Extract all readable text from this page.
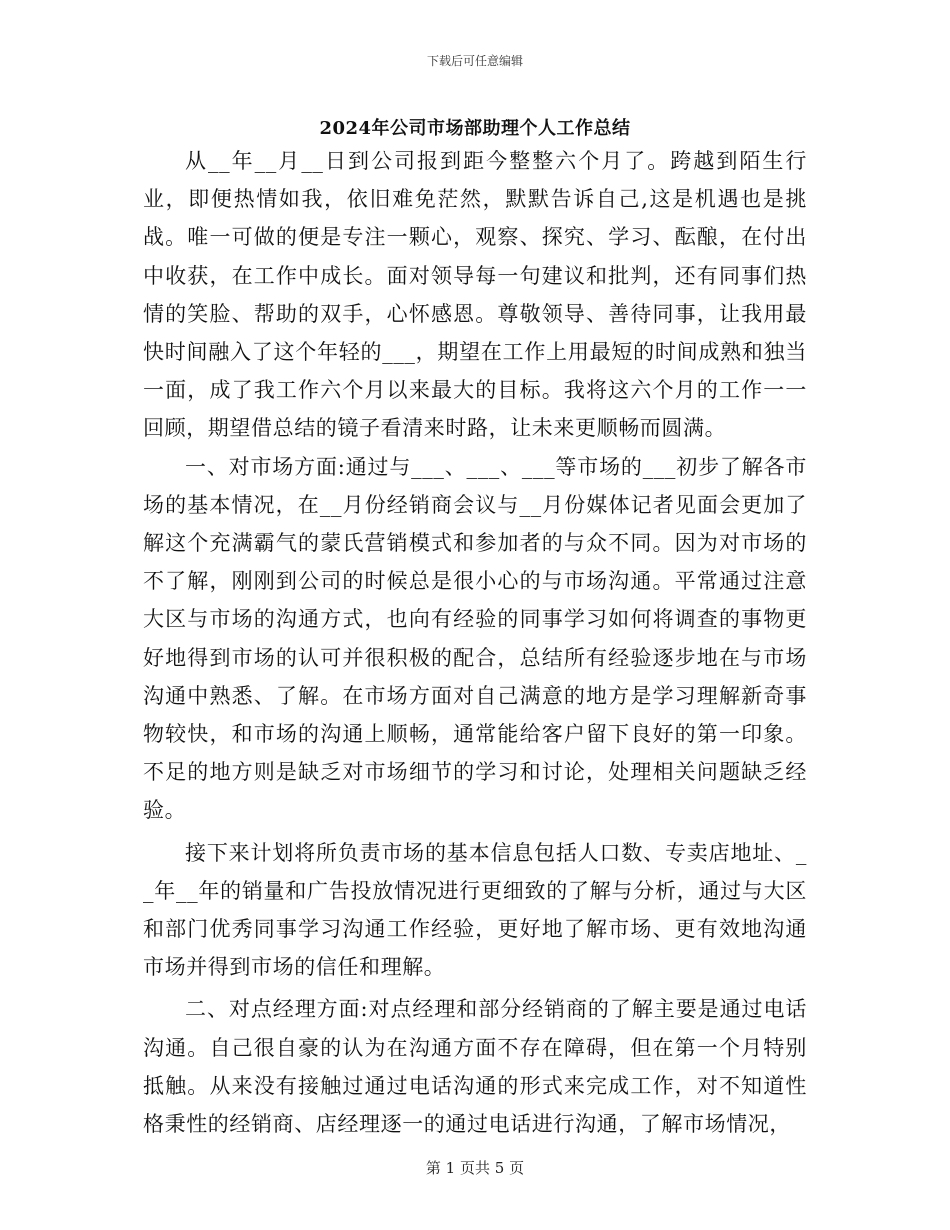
下载后可任意编辑
2024年公司市场部助理个人工作总结

从__年__月__日到公司报到距今整整六个月了。跨越到陌生行业，即便热情如我，依旧难免茫然，默默告诉自己,这是机遇也是挑战。唯一可做的便是专注一颗心，观察、探究、学习、酝酿，在付出中收获，在工作中成长。面对领导每一句建议和批判，还有同事们热情的笑脸、帮助的双手，心怀感恩。尊敬领导、善待同事，让我用最快时间融入了这个年轻的___，期望在工作上用最短的时间成熟和独当一面，成了我工作六个月以来最大的目标。我将这六个月的工作一一回顾，期望借总结的镜子看清来时路，让未来更顺畅而圆满。

一、对市场方面:通过与___、___、___等市场的___初步了解各市场的基本情况，在__月份经销商会议与__月份媒体记者见面会更加了解这个充满霸气的蒙氏营销模式和参加者的与众不同。因为对市场的不了解，刚刚到公司的时候总是很小心的与市场沟通。平常通过注意大区与市场的沟通方式，也向有经验的同事学习如何将调查的事物更好地得到市场的认可并很积极的配合，总结所有经验逐步地在与市场沟通中熟悉、了解。在市场方面对自己满意的地方是学习理解新奇事物较快，和市场的沟通上顺畅，通常能给客户留下良好的第一印象。不足的地方则是缺乏对市场细节的学习和讨论，处理相关问题缺乏经验。

接下来计划将所负责市场的基本信息包括人口数、专卖店地址、__年__年的销量和广告投放情况进行更细致的了解与分析，通过与大区和部门优秀同事学习沟通工作经验，更好地了解市场、更有效地沟通市场并得到市场的信任和理解。

二、对点经理方面:对点经理和部分经销商的了解主要是通过电话沟通。自己很自豪的认为在沟通方面不存在障碍，但在第一个月特别抵触。从来没有接触过通过电话沟通的形式来完成工作，对不知道性格秉性的经销商、店经理逐一的通过电话进行沟通，了解市场情况，

第 1 页共 5 页
